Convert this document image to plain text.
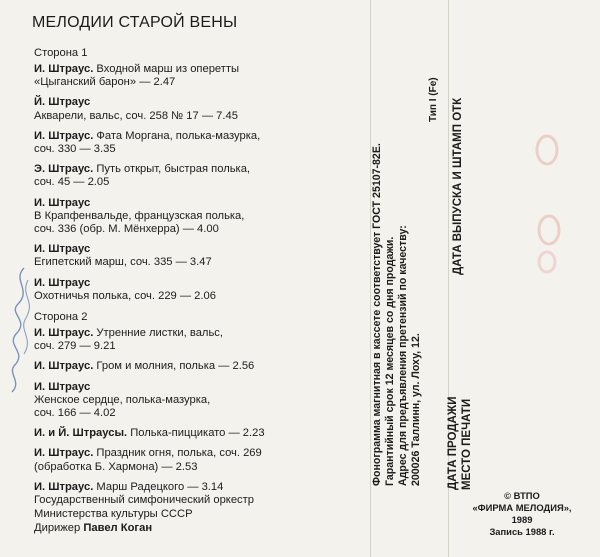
МЕЛОДИИ СТАРОЙ ВЕНЫ
Сторона 1
И. Штраус. Входной марш из оперетты
«Цыганский барон» — 2.47
Й. Штраус
Акварели, вальс, соч. 258 № 17 — 7.45
И. Штраус. Фата Моргана, полька-мазурка,
соч. 330 — 3.35
Э. Штраус. Путь открыт, быстрая полька,
соч. 45 — 2.05
И. Штраус
В Крапфенвальде, французская полька,
соч. 336 (обр. М. Мёнхерра) — 4.00
И. Штраус
Египетский марш, соч. 335 — 3.47
И. Штраус
Охотничья полька, соч. 229 — 2.06
Сторона 2
И. Штраус. Утренние листки, вальс,
соч. 279 — 9.21
И. Штраус. Гром и молния, полька — 2.56
И. Штраус
Женское сердце, полька-мазурка,
соч. 166 — 4.02
И. и Й. Штраусы. Полька-пиццикато — 2.23
И. Штраус. Праздник огня, полька, соч. 269
(обработка Б. Хармона) — 2.53
И. Штраус. Марш Радецкого — 3.14
Государственный симфонический оркестр
Министерства культуры СССР
Дирижер Павел Коган
Фонограмма магнитная в кассете соответствует ГОСТ 25107-82Е. Гарантийный срок 12 месяцев со дня продажи. Адрес для предъявления претензий по качеству: 200026 Таллинн, ул. Лоху, 12.
Тип I (Fe)
ДАТА ПРОДАЖИ МЕСТО ПЕЧАТИ
ДАТА ВЫПУСКА И ШТАМП ОТК
© ВТПО
«ФИРМА МЕЛОДИЯ»,
1989
Запись 1988 г.
